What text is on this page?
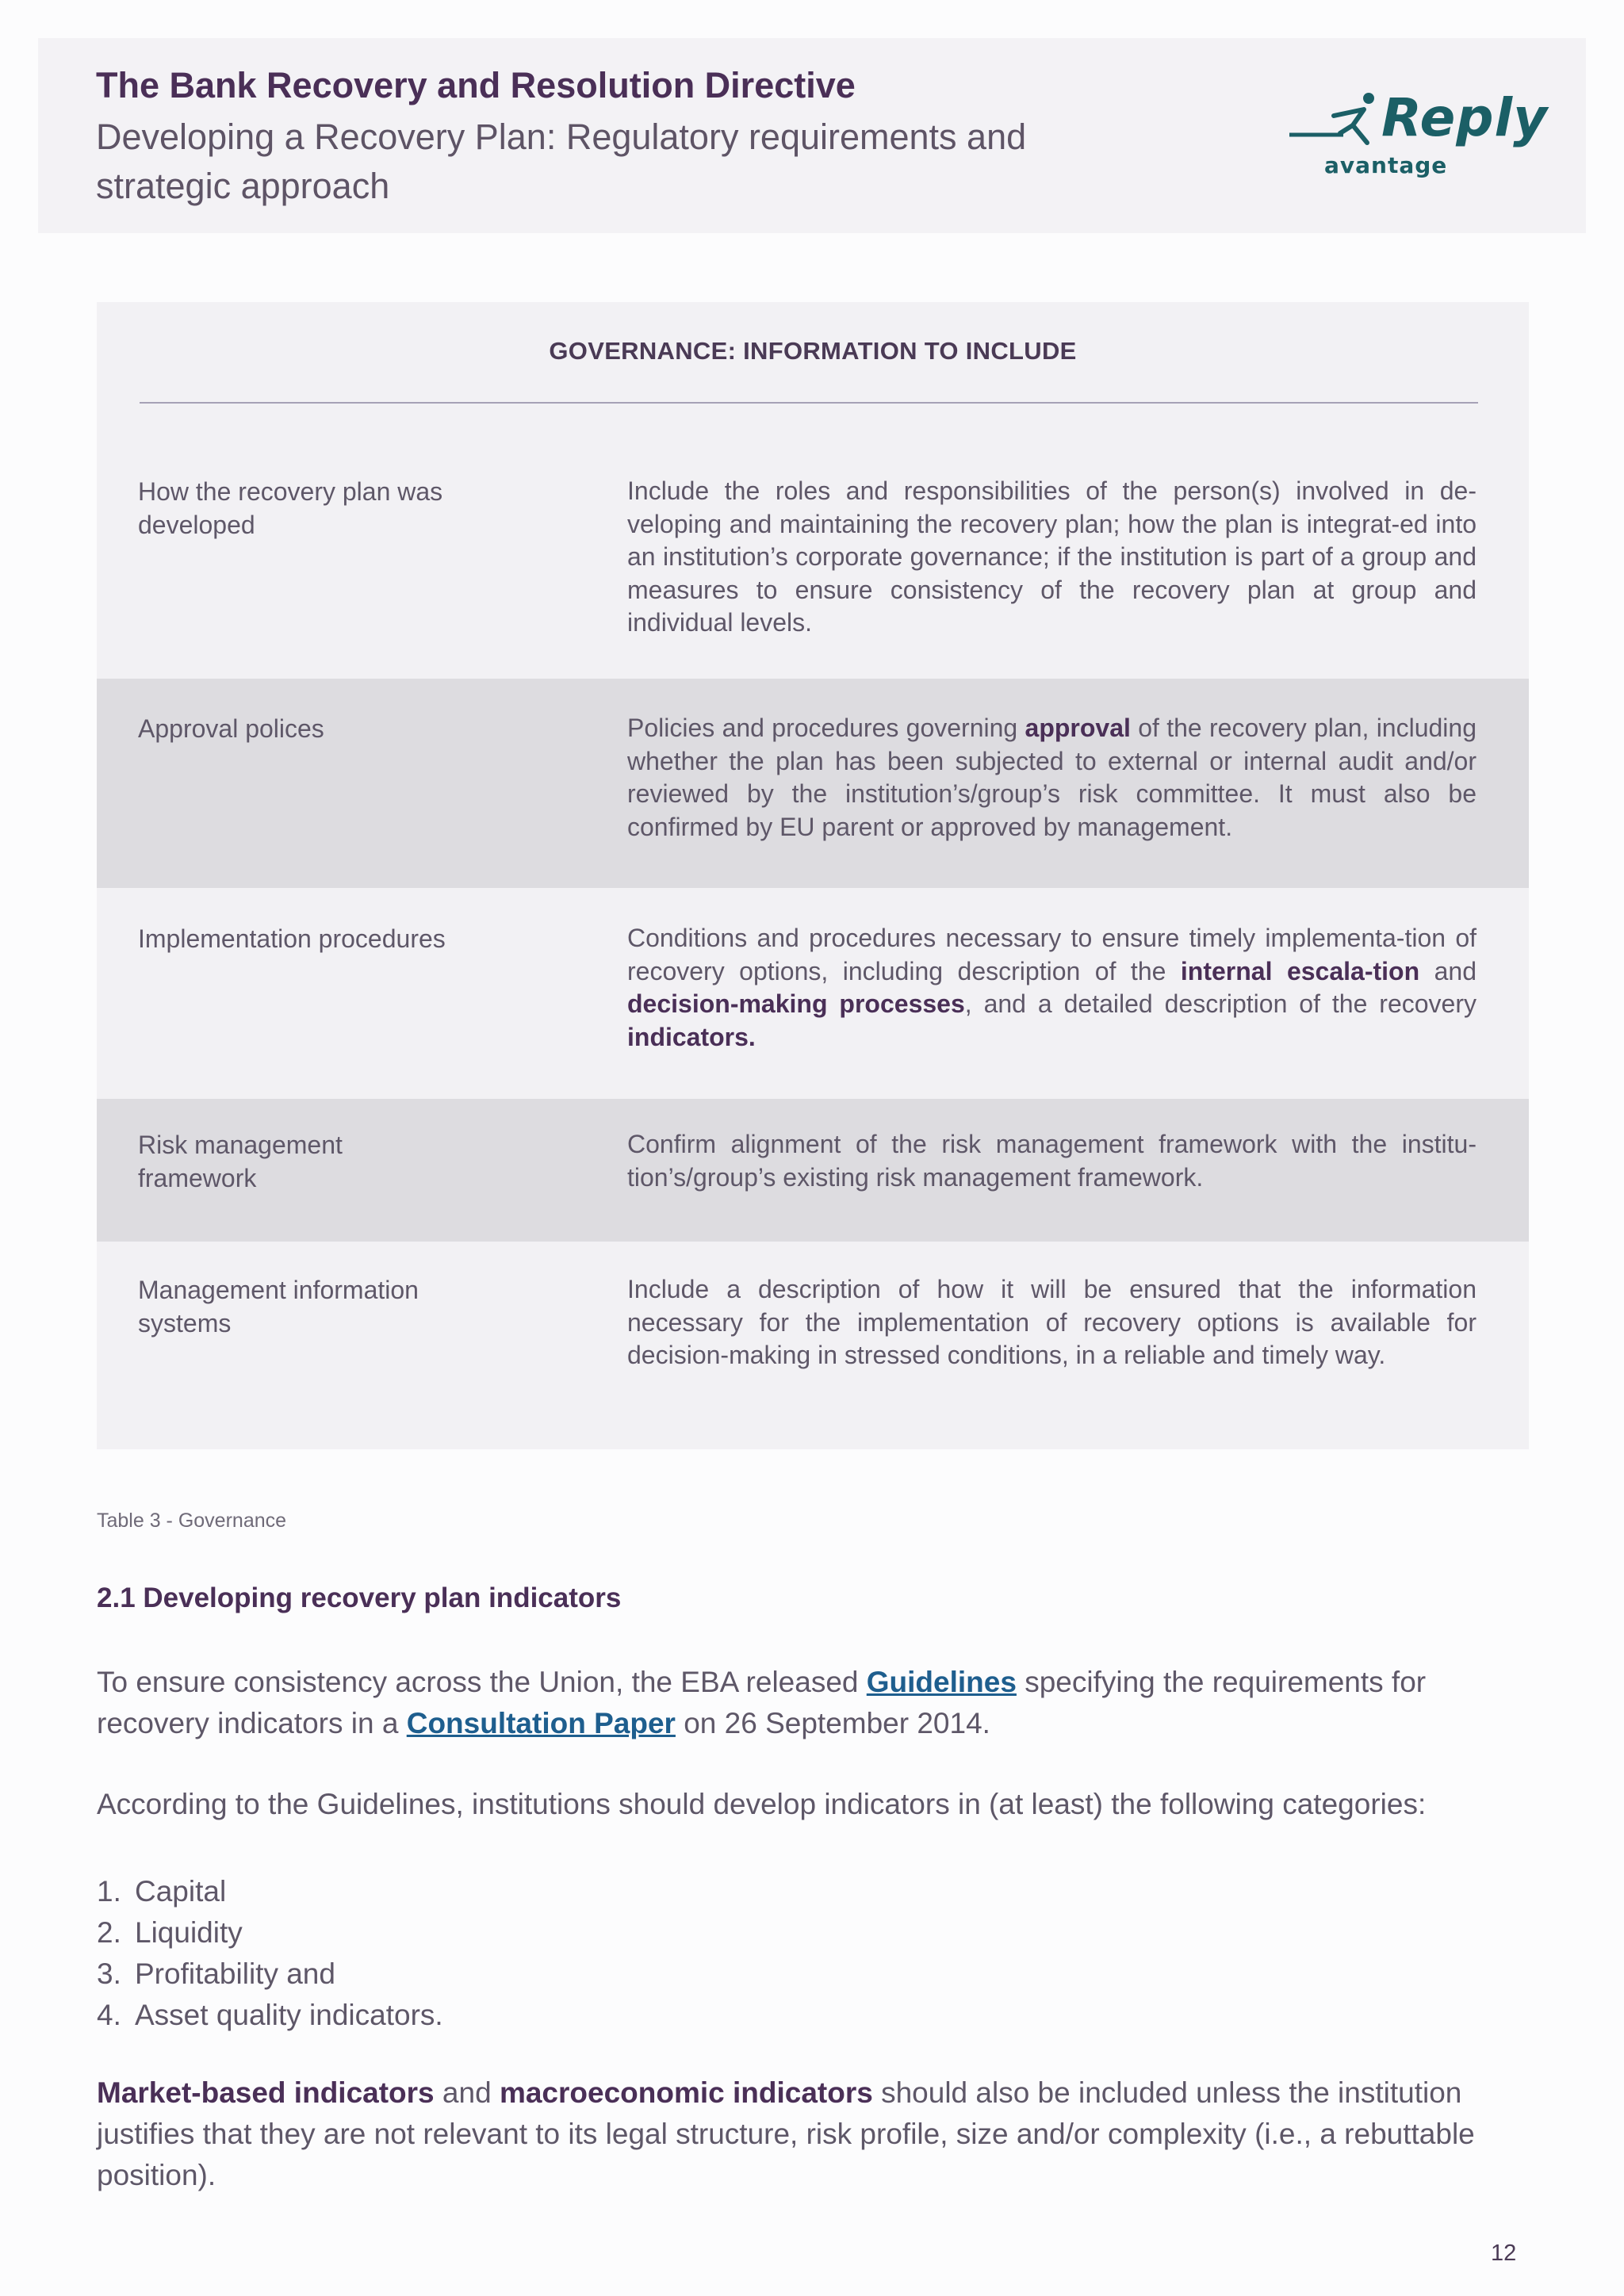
The Bank Recovery and Resolution Directive

Developing a Recovery Plan: Regulatory requirements and strategic approach

Reply
avantage
GOVERNANCE: INFORMATION TO INCLUDE
How the recovery plan was developed
Include the roles and responsibilities of the person(s) involved in de-veloping and maintaining the recovery plan; how the plan is integrat-ed into an institution’s corporate governance; if the institution is part of a group and measures to ensure consistency of the recovery plan at group and individual levels.
Approval polices	Policies and procedures governing approval of the recovery plan, including whether the plan has been subjected to external or internal audit and/or reviewed by the institution’s/group’s risk committee. It must also be confirmed by EU parent or approved by management.
Implementation procedures	Conditions and procedures necessary to ensure timely implementa-tion of recovery options, including description of the internal escala-tion and decision-making processes, and a detailed description of the recovery indicators.
Risk management framework
Confirm alignment of the risk management framework with the institu-tion’s/group’s existing risk management framework.
Management information systems
Include a description of how it will be ensured that the information necessary for the implementation of recovery options is available for decision-making in stressed conditions, in a reliable and timely way.
Table 3 - Governance
2.1 Developing recovery plan indicators
To ensure consistency across the Union, the EBA released Guidelines specifying the requirements for recovery indicators in a Consultation Paper on 26 September 2014.
According to the Guidelines, institutions should develop indicators in (at least) the following categories:
1. Capital
2. Liquidity
3. Profitability and
4. Asset quality indicators.
Market-based indicators and macroeconomic indicators should also be included unless the institution justifies that they are not relevant to its legal structure, risk profile, size and/or complexity (i.e., a rebuttable position).
12
